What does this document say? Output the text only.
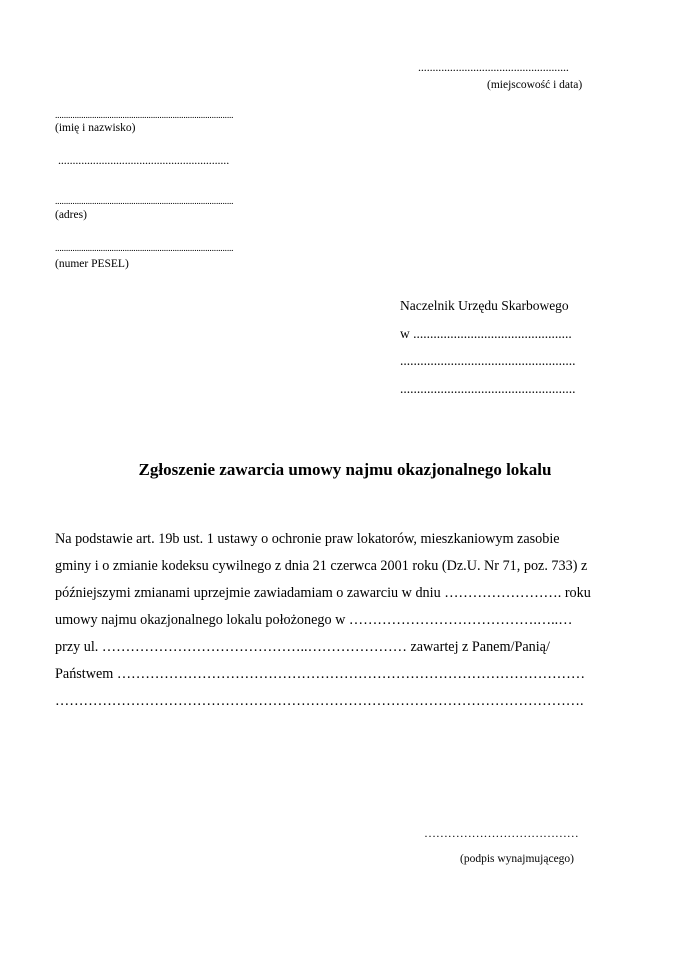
....................................................
(miejscowość i data)
..................................................................................
(imię i nazwisko)
...........................................................
..................................................................................
(adres)
..................................................................................
(numer PESEL)
Naczelnik Urzędu Skarbowego
w ...............................................
....................................................
....................................................
Zgłoszenie zawarcia umowy najmu okazjonalnego lokalu
Na podstawie art. 19b ust. 1 ustawy o ochronie praw lokatorów, mieszkaniowym zasobie
gminy i o zmianie kodeksu cywilnego z dnia 21 czerwca 2001 roku (Dz.U. Nr 71, poz. 733) z
późniejszymi zmianami uprzejmie zawiadamiam o zawarciu w dniu ……………………. roku
umowy najmu okazjonalnego lokalu położonego w ………………………………….…..…
przy ul. ……………………………………..………………… zawartej z Panem/Panią/
Państwem ………………………………………………………………………………………
………………………………………………………………………………………………….
…………………………………
(podpis wynajmującego)
